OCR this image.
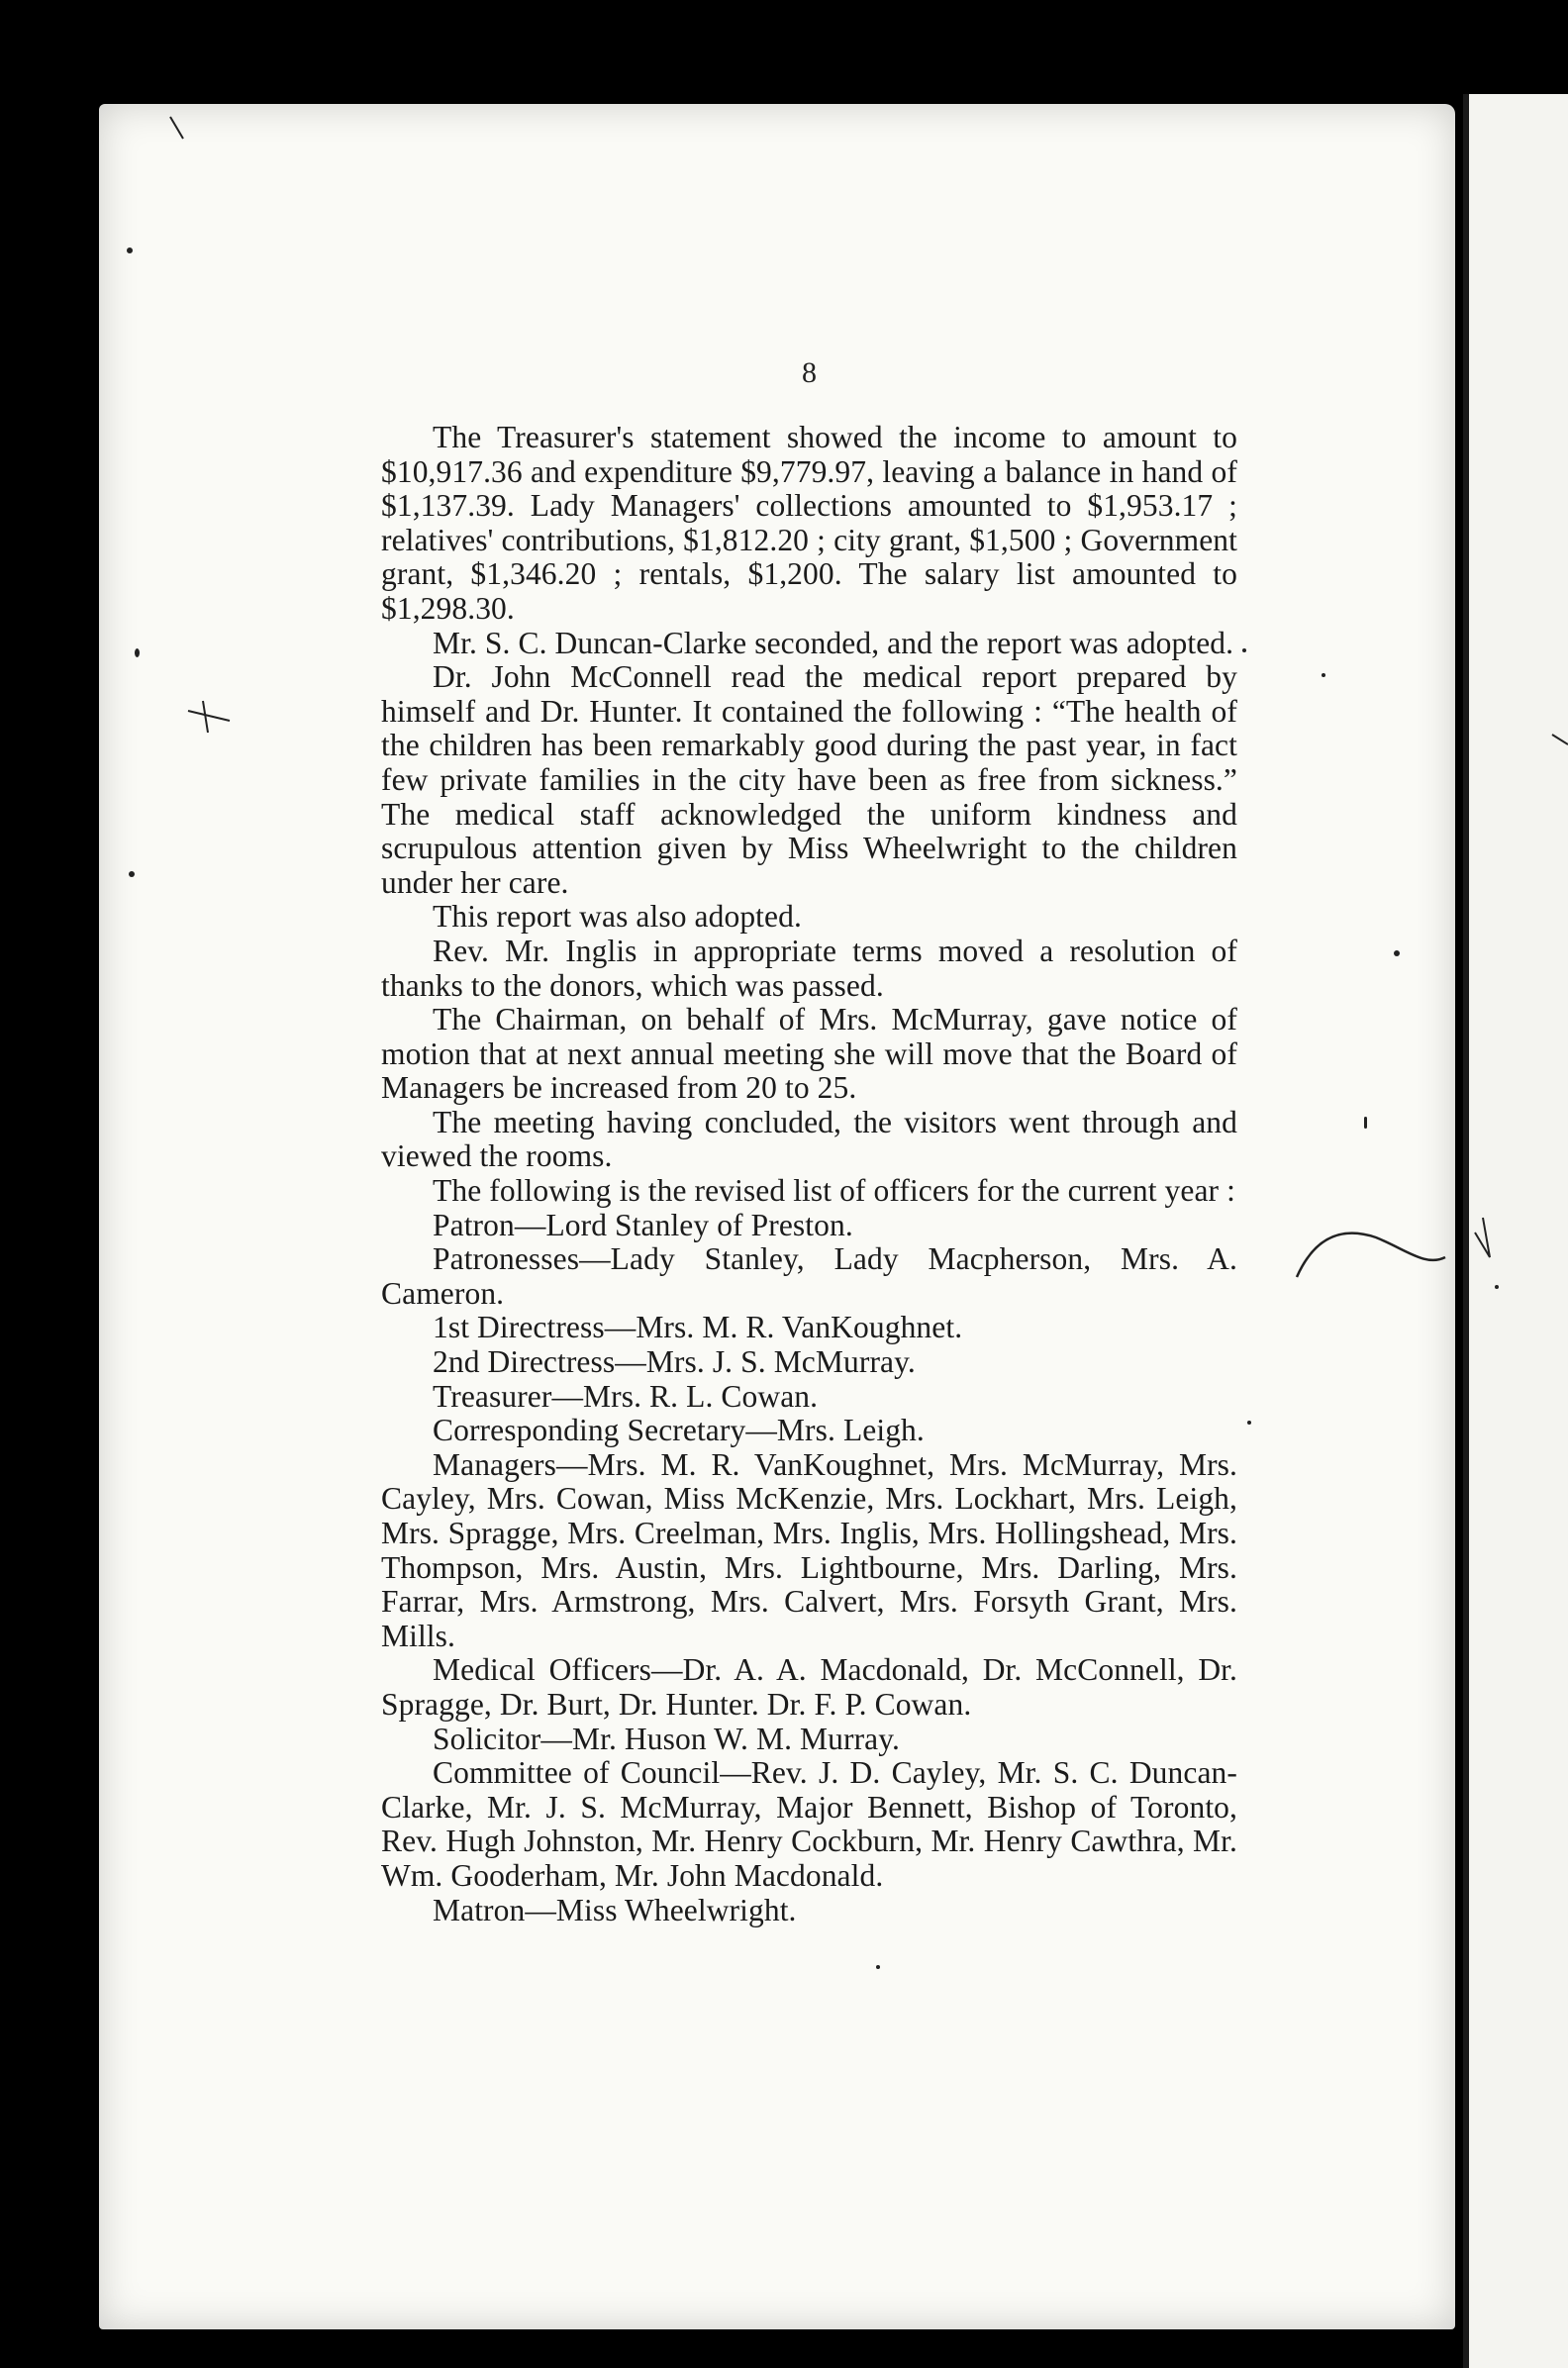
8

The Treasurer's statement showed the income to amount to $10,917.36 and expenditure $9,779.97, leaving a balance in hand of $1,137.39. Lady Managers' collections amounted to $1,953.17 ; relatives' contributions, $1,812.20 ; city grant, $1,500 ; Government grant, $1,346.20 ; rentals, $1,200. The salary list amounted to $1,298.30.

Mr. S. C. Duncan-Clarke seconded, and the report was adopted.

Dr. John McConnell read the medical report prepared by himself and Dr. Hunter. It contained the following : “The health of the children has been remarkably good during the past year, in fact few private families in the city have been as free from sickness.” The medical staff acknowledged the uniform kindness and scrupulous attention given by Miss Wheelwright to the children under her care.

This report was also adopted.

Rev. Mr. Inglis in appropriate terms moved a resolution of thanks to the donors, which was passed.

The Chairman, on behalf of Mrs. McMurray, gave notice of motion that at next annual meeting she will move that the Board of Managers be increased from 20 to 25.

The meeting having concluded, the visitors went through and viewed the rooms.

The following is the revised list of officers for the current year :

Patron—Lord Stanley of Preston.

Patronesses—Lady Stanley, Lady Macpherson, Mrs. A. Cameron.

1st Directress—Mrs. M. R. VanKoughnet.

2nd Directress—Mrs. J. S. McMurray.

Treasurer—Mrs. R. L. Cowan.

Corresponding Secretary—Mrs. Leigh.

Managers—Mrs. M. R. VanKoughnet, Mrs. McMurray, Mrs. Cayley, Mrs. Cowan, Miss McKenzie, Mrs. Lockhart, Mrs. Leigh, Mrs. Spragge, Mrs. Creelman, Mrs. Inglis, Mrs. Hollingshead, Mrs. Thompson, Mrs. Austin, Mrs. Lightbourne, Mrs. Darling, Mrs. Farrar, Mrs. Armstrong, Mrs. Calvert, Mrs. Forsyth Grant, Mrs. Mills.

Medical Officers—Dr. A. A. Macdonald, Dr. McConnell, Dr. Spragge, Dr. Burt, Dr. Hunter. Dr. F. P. Cowan.

Solicitor—Mr. Huson W. M. Murray.

Committee of Council—Rev. J. D. Cayley, Mr. S. C. Duncan-Clarke, Mr. J. S. McMurray, Major Bennett, Bishop of Toronto, Rev. Hugh Johnston, Mr. Henry Cockburn, Mr. Henry Cawthra, Mr. Wm. Gooderham, Mr. John Macdonald.

Matron—Miss Wheelwright.
